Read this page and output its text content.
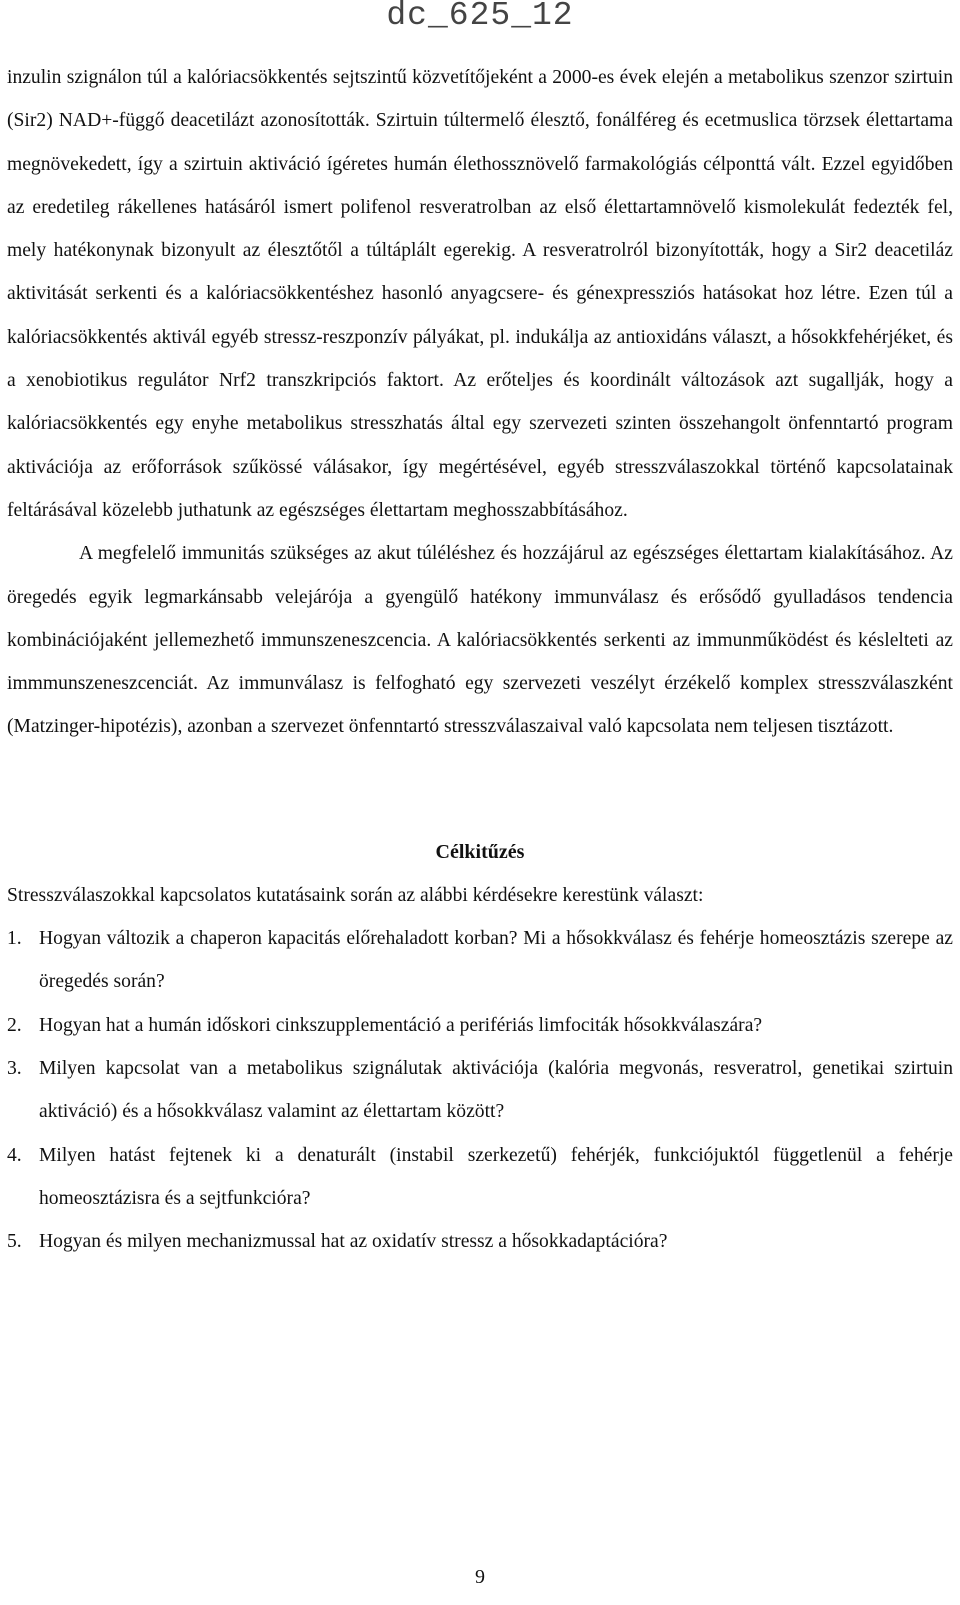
dc_625_12

inzulin szignálon túl a kalóriacsökkentés sejtszintű közvetítőjeként a 2000-es évek elején a metabolikus szenzor szirtuin (Sir2) NAD+-függő deacetilázt azonosították. Szirtuin túltermelő élesztő, fonálféreg és ecetmuslica törzsek élettartama megnövekedett, így a szirtuin aktiváció ígéretes humán élethossznövelő farmakológiás célponttá vált. Ezzel egyidőben az eredetileg rákellenes hatásáról ismert polifenol resveratrolban az első élettartamnövelő kismolekulát fedezték fel, mely hatékonynak bizonyult az élesztőtől a túltáplált egerekig. A resveratrolról bizonyították, hogy a Sir2 deacetiláz aktivitását serkenti és a kalóriacsökkentéshez hasonló anyagcsere- és génexpressziós hatásokat hoz létre. Ezen túl a kalóriacsökkentés aktivál egyéb stressz-reszponzív pályákat, pl. indukálja az antioxidáns választ, a hősokkfehérjéket, és a xenobiotikus regulátor Nrf2 transzkripciós faktort. Az erőteljes és koordinált változások azt sugallják, hogy a kalóriacsökkentés egy enyhe metabolikus stresszhatás által egy szervezeti szinten összehangolt önfenntartó program aktivációja az erőforrások szűkössé válásakor, így megértésével, egyéb stresszválaszokkal történő kapcsolatainak feltárásával közelebb juthatunk az egészséges élettartam meghosszabbításához.

A megfelelő immunitás szükséges az akut túléléshez és hozzájárul az egészséges élettartam kialakításához. Az öregedés egyik legmarkánsabb velejárója a gyengülő hatékony immunválasz és erősődő gyulladásos tendencia kombinációjaként jellemezhető immunszeneszcencia. A kalóriacsökkentés serkenti az immunműködést és késlelteti az immmunszeneszcenciát. Az immunválasz is felfogható egy szervezeti veszélyt érzékelő komplex stresszválaszként (Matzinger-hipotézis), azonban a szervezet önfenntartó stresszválaszaival való kapcsolata nem teljesen tisztázott.

Célkitűzés

Stresszválaszokkal kapcsolatos kutatásaink során az alábbi kérdésekre kerestünk választ:

1. Hogyan változik a chaperon kapacitás előrehaladott korban? Mi a hősokkválasz és fehérje homeosztázis szerepe az öregedés során?
2. Hogyan hat a humán időskori cinkszupplementáció a perifériás limfociták hősokkválaszára?
3. Milyen kapcsolat van a metabolikus szignálutak aktivációja (kalória megvonás, resveratrol, genetikai szirtuin aktiváció) és a hősokkválasz valamint az élettartam között?
4. Milyen hatást fejtenek ki a denaturált (instabil szerkezetű) fehérjék, funkciójuktól függetlenül a fehérje homeosztázisra és a sejtfunkcióra?
5. Hogyan és milyen mechanizmussal hat az oxidatív stressz a hősokkadaptációra?
9
